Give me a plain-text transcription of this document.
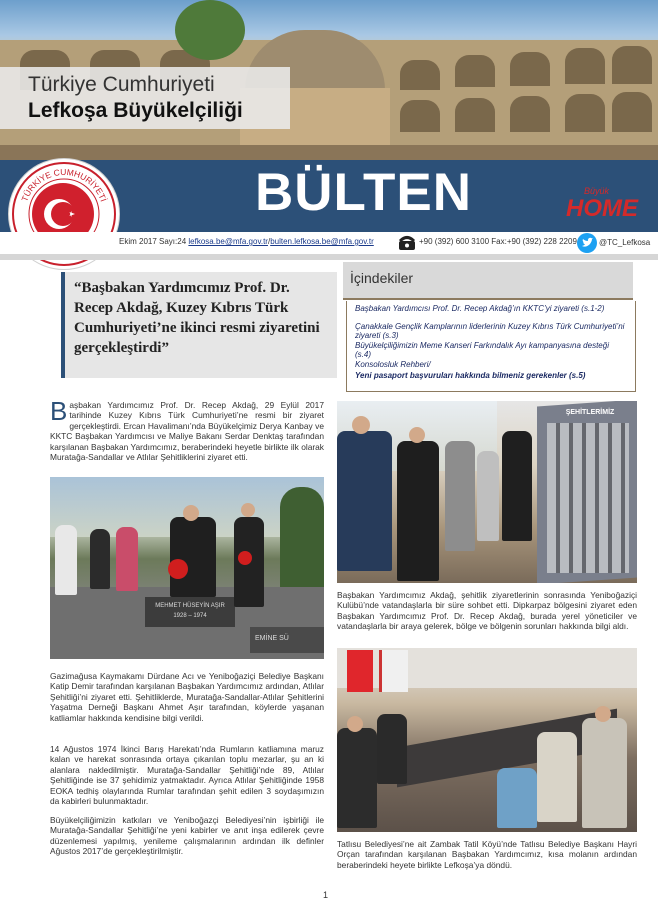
Türkiye Cumhuriyeti
Lefkoşa Büyükelçiliği
BÜLTEN	Büyük
HOME
TÜRKİYE CUMHURİYETİ
Ekim 2017 Sayı:24 lefkosa.be@mfa.gov.tr/bulten.lefkosa.be@mfa.gov.tr	+90 (392) 600 3100 Fax:+90 (392) 228 2209	@TC_Lefkosa
“Başbakan Yardımcımız Prof. Dr. Recep Akdağ, Kuzey Kıbrıs Türk Cumhuriyeti’ne ikinci resmi ziyaretini gerçekleştirdi”
İçindekiler
Başbakan Yardımcısı Prof. Dr. Recep Akdağ’ın KKTC’yi ziyareti (s.1-2)
Çanakkale Gençlik Kamplarının liderlerinin Kuzey Kıbrıs Türk Cumhuriyeti’ni ziyareti (s.3)
Büyükelçiliğimizin Meme Kanseri Farkındalık Ayı kampanyasına desteği (s.4)
Konsolosluk Rehberi/
Yeni pasaport başvuruları hakkında bilmeniz gerekenler (s.5)

Başbakan Yardımcımız Prof. Dr. Recep Akdağ, 29 Eylül 2017 tarihinde Kuzey Kıbrıs Türk Cumhuriyeti’ne resmi bir ziyaret gerçekleştirdi. Ercan Havalimanı’nda Büyükelçimiz Derya Kanbay ve KKTC Başbakan Yardımcısı ve Maliye Bakanı Serdar Denktaş tarafından karşılanan Başbakan Yardımcımız, beraberindeki heyetle birlikte ilk olarak Murataĝa-Sandallar ve Atlılar Şehitliklerini ziyaret etti.

MEHMET HÜSEYİN AŞIR
1928 – 1974
EMİNE SÜ

Gazimağusa Kaymakamı Dürdane Acı ve Yeniboğaziçi Belediye Başkanı Katip Demir tarafından karşılanan Başbakan Yardımcımız ardından, Atlılar Şehitliği’ni ziyaret etti. Şehitliklerde, Murataĝa-Sandallar-Atlılar Şehitlerini Yaşatma Derneği Başkanı Ahmet Aşır tarafından, köylerde yaşanan katliamlar hakkında kendisine bilgi verildi.

14 Ağustos 1974 İkinci Barış Harekatı’nda Rumların katliamına maruz kalan ve harekat sonrasında ortaya çıkarılan toplu mezarlar, şu an ki alanlara nakledilmiştir. Murataĝa-Sandallar Şehitliği’nde 89, Atlılar Şehitliğinde ise 37 şehidimiz yatmaktadır. Ayrıca Atlılar Şehitliğinde 1958 EOKA tedhiş olaylarında Rumlar tarafından şehit edilen 3 soydaşımızın da kabirleri bulunmaktadır.

Büyükelçiliğimizin katkıları ve Yeniboğazçi Belediyesi’nin işbirliği ile Murataĝa-Sandallar Şehitliği’ne yeni kabirler ve anıt inşa edilerek çevre düzenlemesi yapılmış, yenileme çalışmalarının ardından ilk definler Ağustos 2017’de gerçekleştirilmiştir.

ŞEHİTLERİMİZ

Başbakan Yardımcımız Akdağ, şehitlik ziyaretlerinin sonrasında Yeniboğaziçi Kulübü’nde vatandaşlarla bir süre sohbet etti. Dipkarpaz bölgesini ziyaret eden Başbakan Yardımcımız Prof. Dr. Recep Akdağ, burada yerel yöneticiler ve vatandaşlarla bir araya gelerek, bölge ve bölgenin sorunları hakkında bilgi aldı.

Tatlısu Belediyesi’ne ait Zambak Tatil Köyü’nde Tatlısu Belediye Başkanı Hayri Orçan tarafından karşılanan Başbakan Yardımcımız, kısa molanın ardından beraberindeki heyete birlikte Lefkoşa’ya döndü.

1
